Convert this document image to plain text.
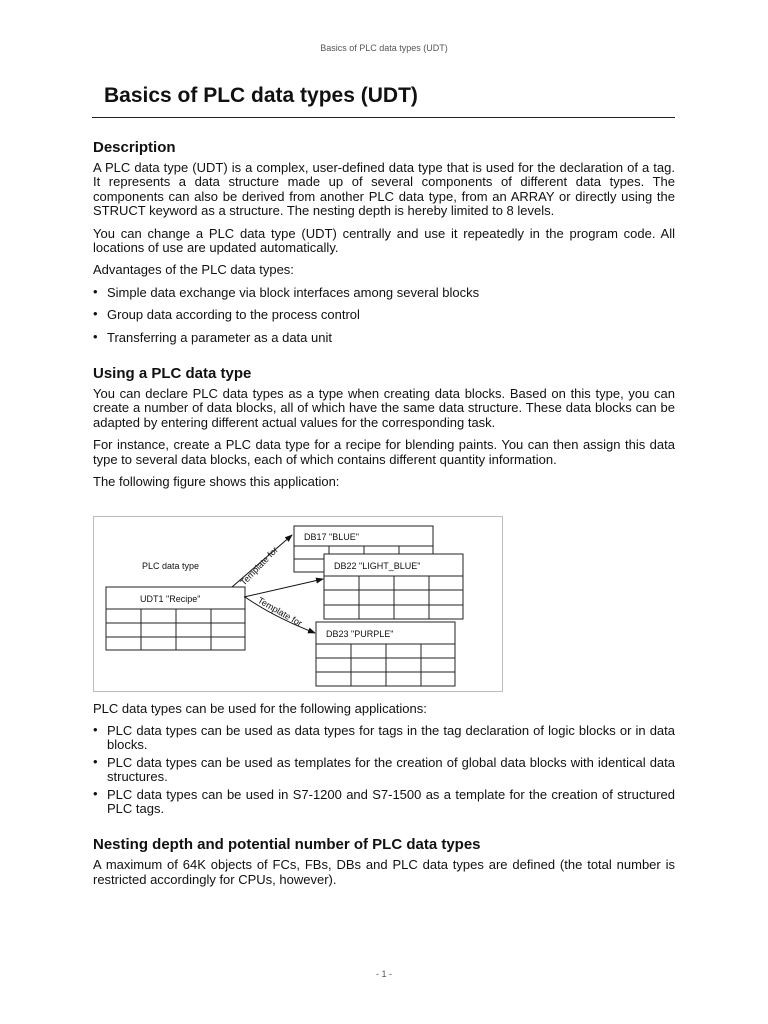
Basics of PLC data types (UDT)
Basics of PLC data types (UDT)
Description

A PLC data type (UDT) is a complex, user-defined data type that is used for the declaration of a tag. It represents a data structure made up of several components of different data types. The components can also be derived from another PLC data type, from an ARRAY or directly using the STRUCT keyword as a structure. The nesting depth is hereby limited to 8 levels.

You can change a PLC data type (UDT) centrally and use it repeatedly in the program code. All locations of use are updated automatically.

Advantages of the PLC data types:

• Simple data exchange via block interfaces among several blocks
• Group data according to the process control
• Transferring a parameter as a data unit
Using a PLC data type

You can declare PLC data types as a type when creating data blocks. Based on this type, you can create a number of data blocks, all of which have the same data structure. These data blocks can be adapted by entering different actual values for the corresponding task.

For instance, create a PLC data type for a recipe for blending paints. You can then assign this data type to several data blocks, each of which contains different quantity information.

The following figure shows this application:

PLC data type
UDT1 "Recipe"
DB17 "BLUE"
DB22 "LIGHT_BLUE"
DB23 "PURPLE"
Template for
Template for

PLC data types can be used for the following applications:

• PLC data types can be used as data types for tags in the tag declaration of logic blocks or in data blocks.
• PLC data types can be used as templates for the creation of global data blocks with identical data structures.
• PLC data types can be used in S7-1200 and S7-1500 as a template for the creation of structured PLC tags.
Nesting depth and potential number of PLC data types

A maximum of 64K objects of FCs, FBs, DBs and PLC data types are defined (the total number is restricted accordingly for CPUs, however).

- 1 -
